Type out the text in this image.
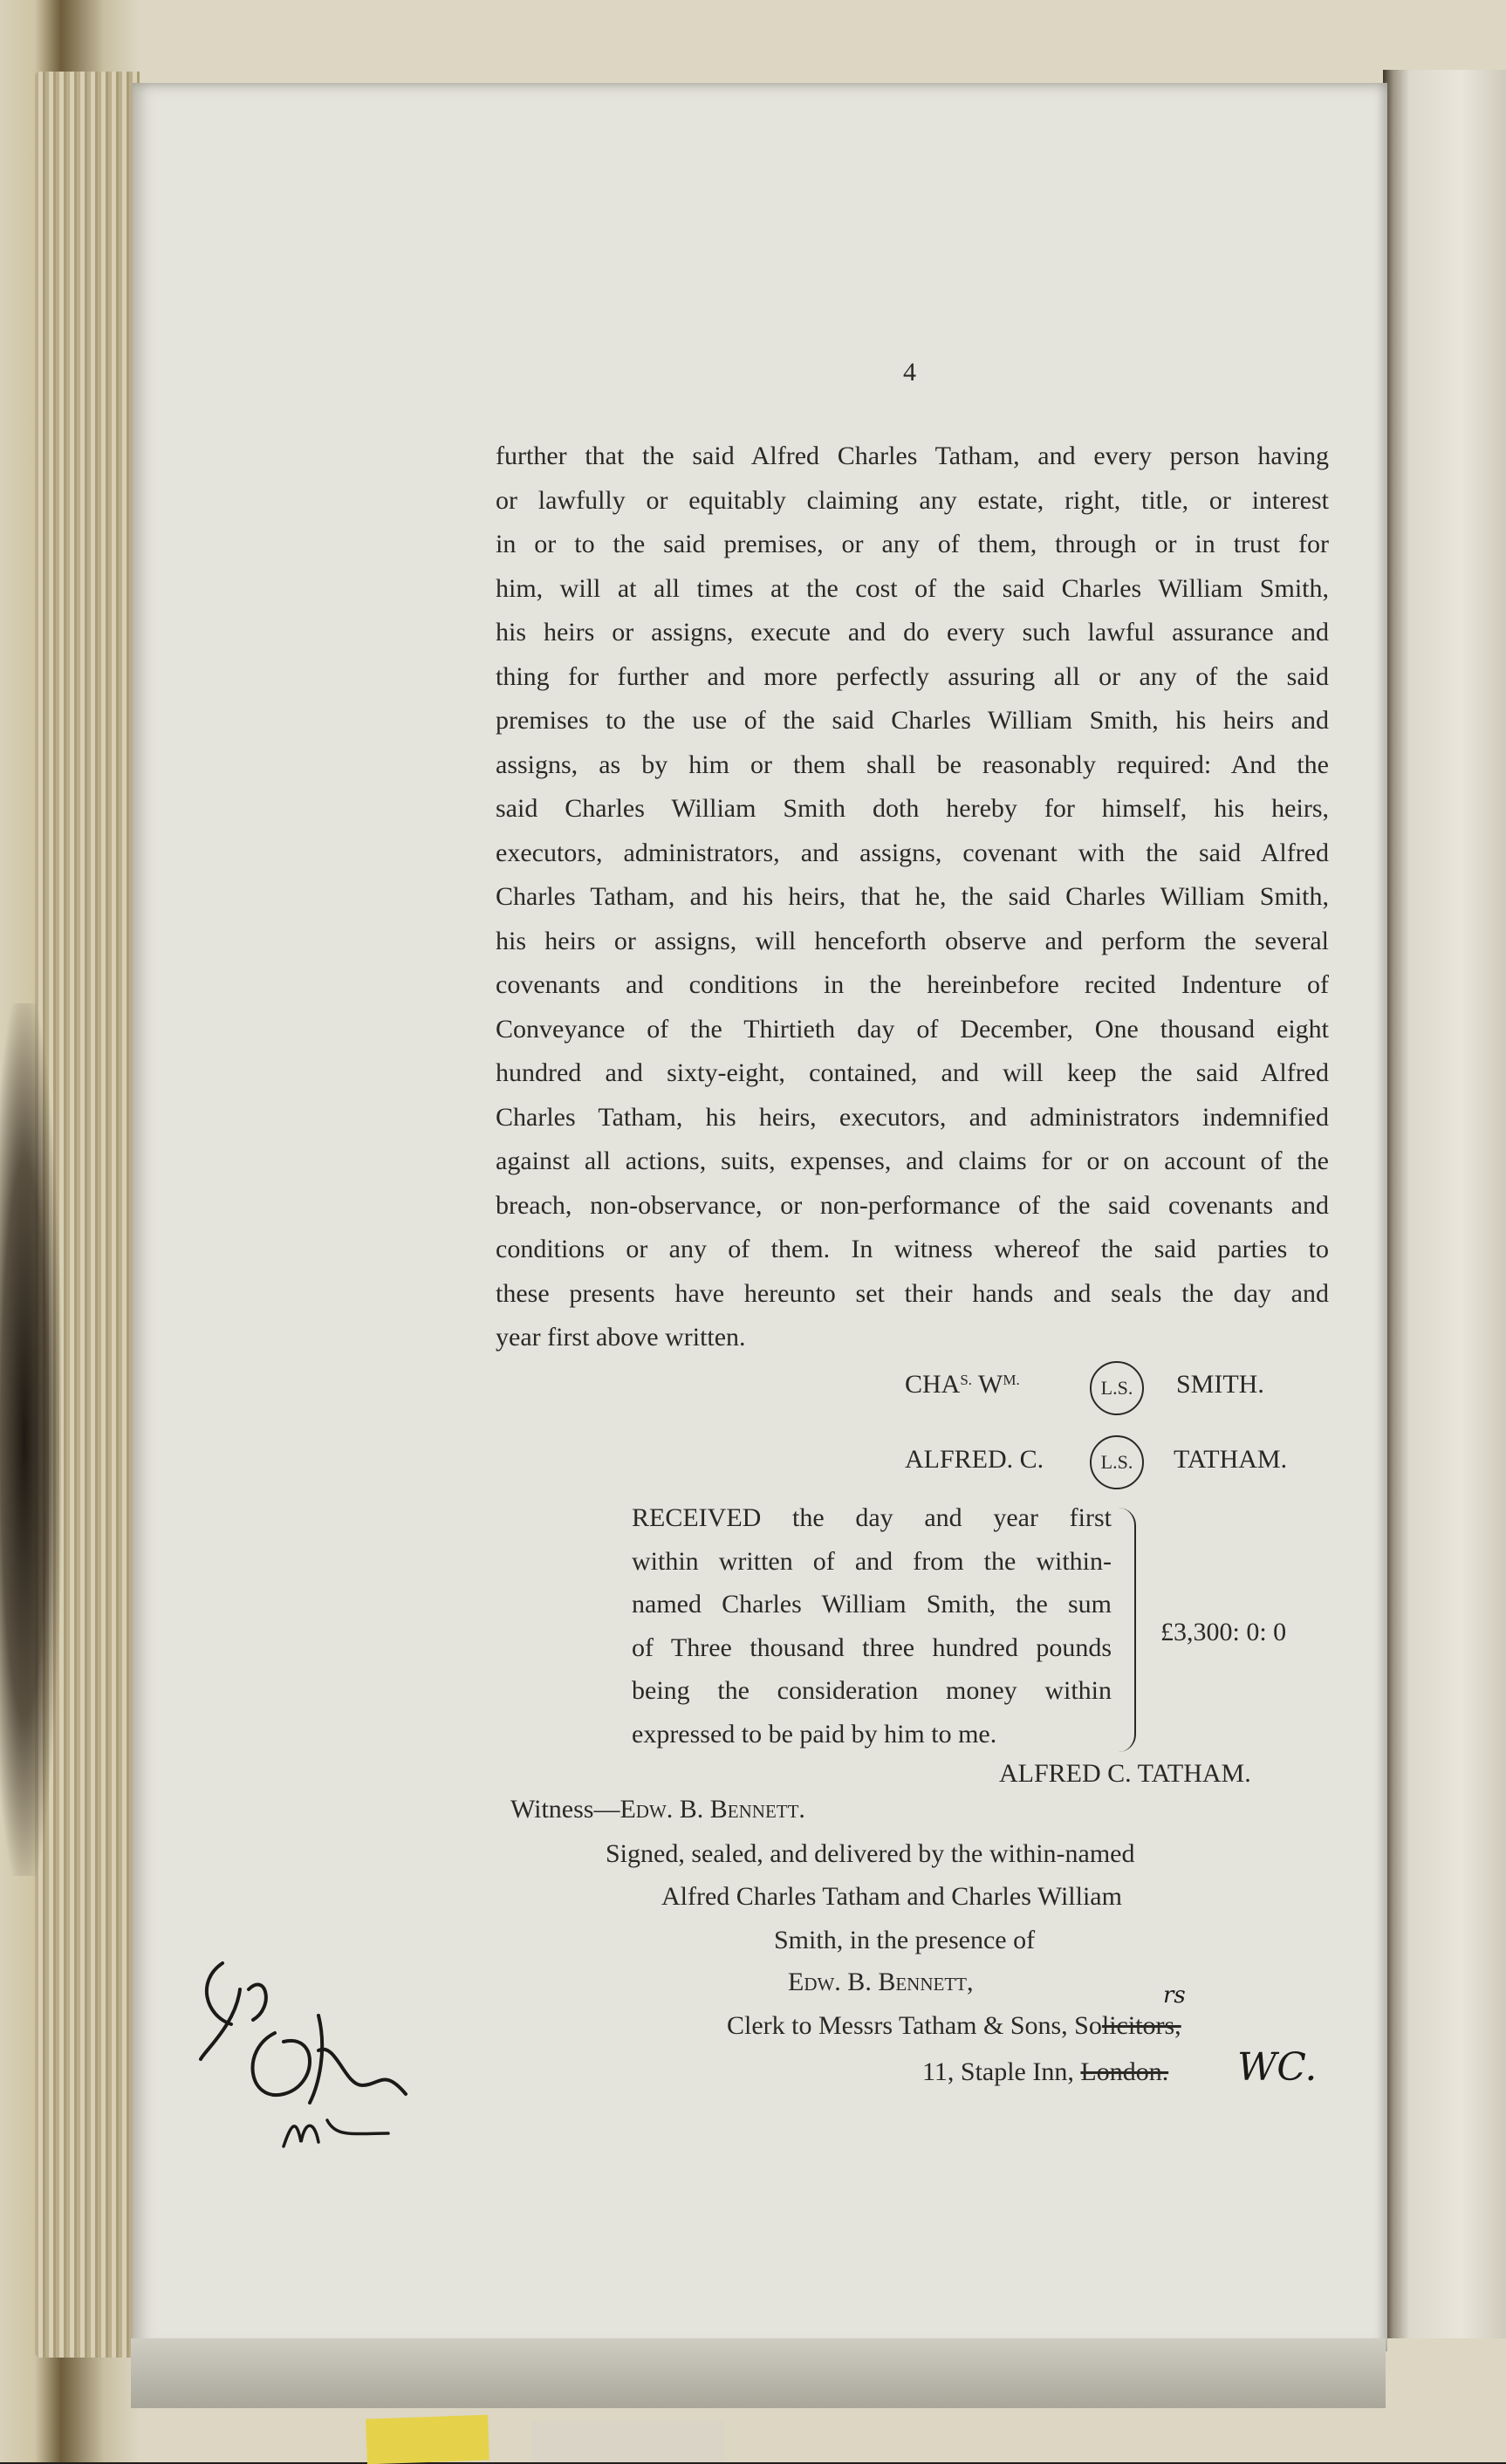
4
further that the said Alfred Charles Tatham, and every person having
or lawfully or equitably claiming any estate, right, title, or interest
in or to the said premises, or any of them, through or in trust for
him, will at all times at the cost of the said Charles William Smith,
his heirs or assigns, execute and do every such lawful assurance and
thing for further and more perfectly assuring all or any of the said
premises to the use of the said Charles William Smith, his heirs and
assigns, as by him or them shall be reasonably required: And the
said Charles William Smith doth hereby for himself, his heirs,
executors, administrators, and assigns, covenant with the said Alfred
Charles Tatham, and his heirs, that he, the said Charles William Smith,
his heirs or assigns, will henceforth observe and perform the several
covenants and conditions in the hereinbefore recited Indenture of
Conveyance of the Thirtieth day of December, One thousand eight
hundred and sixty-eight, contained, and will keep the said Alfred
Charles Tatham, his heirs, executors, and administrators indemnified
against all actions, suits, expenses, and claims for or on account of the
breach, non-observance, or non-performance of the said covenants and
conditions or any of them. In witness whereof the said parties to
these presents have hereunto set their hands and seals the day and
year first above written.
$CHA^{S.}$ $W^{M.}$	L.S. SMITH.
ALFRED. C.	L.S. TATHAM.
RECEIVED the day and year first
within written of and from the within-
named Charles William Smith, the sum
of Three thousand three hundred pounds
being the consideration money within
expressed to be paid by him to me.
£3,300: 0: 0
ALFRED C. TATHAM.
Witness—Edw. B. Bennett.
Signed, sealed, and delivered by the within-named
Alfred Charles Tatham and Charles William
Smith, in the presence of
Edw. B. Bennett,
Clerk to Messrs Tatham & Sons, Solicitors,
rs
11, Staple Inn, London. WC.
